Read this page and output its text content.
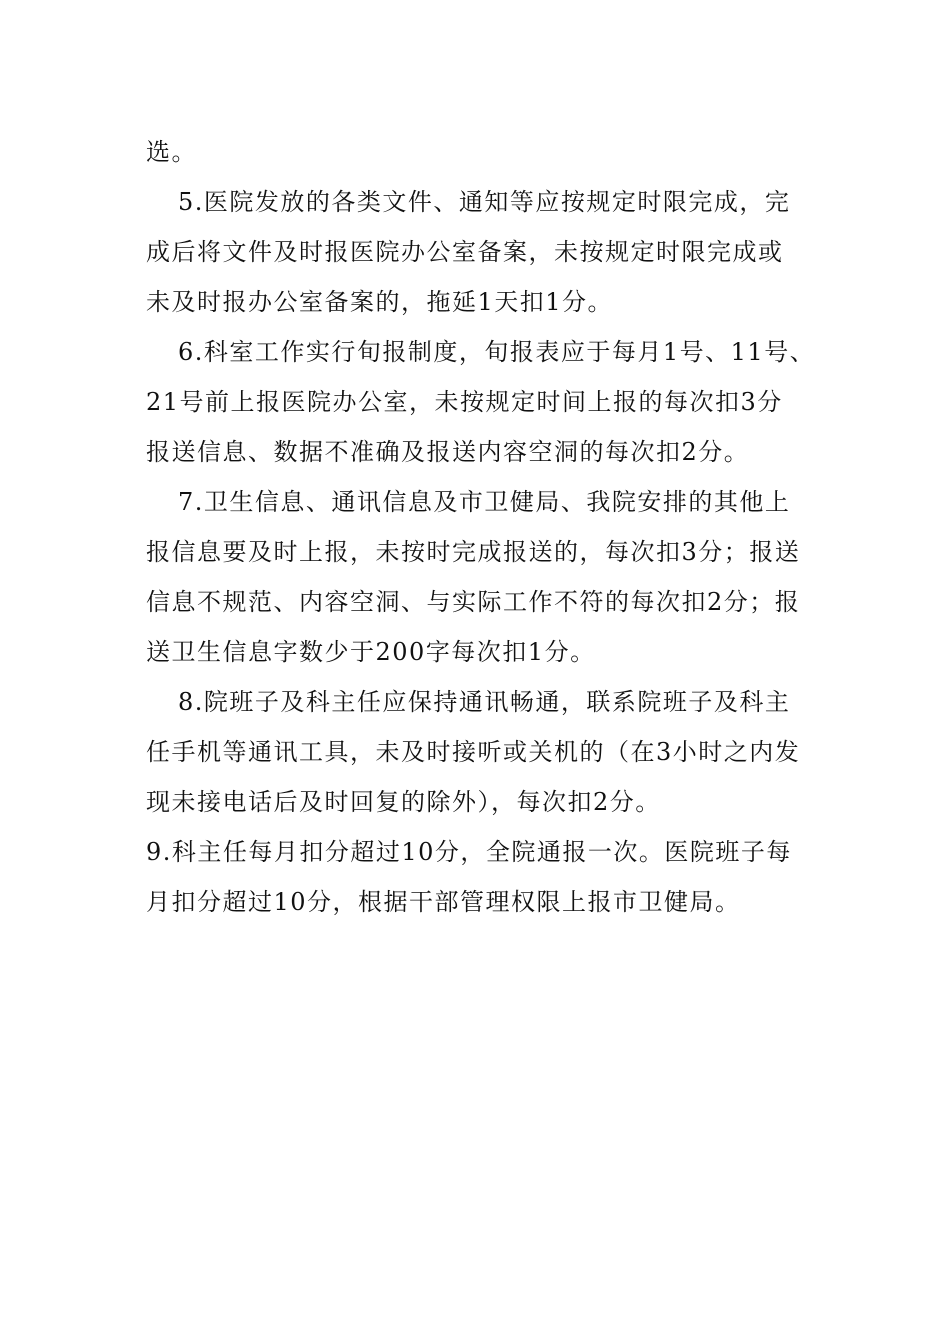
选。
5.医院发放的各类文件、通知等应按规定时限完成，完
成后将文件及时报医院办公室备案，未按规定时限完成或
未及时报办公室备案的，拖延1天扣1分。
6.科室工作实行旬报制度，旬报表应于每月1号、11号、
21号前上报医院办公室，未按规定时间上报的每次扣3分
报送信息、数据不准确及报送内容空洞的每次扣2分。
7.卫生信息、通讯信息及市卫健局、我院安排的其他上
报信息要及时上报，未按时完成报送的，每次扣3分；报送
信息不规范、内容空洞、与实际工作不符的每次扣2分；报
送卫生信息字数少于200字每次扣1分。
8.院班子及科主任应保持通讯畅通，联系院班子及科主
任手机等通讯工具，未及时接听或关机的（在3小时之内发
现未接电话后及时回复的除外），每次扣2分。
9.科主任每月扣分超过10分，全院通报一次。医院班子每
月扣分超过10分，根据干部管理权限上报市卫健局。
